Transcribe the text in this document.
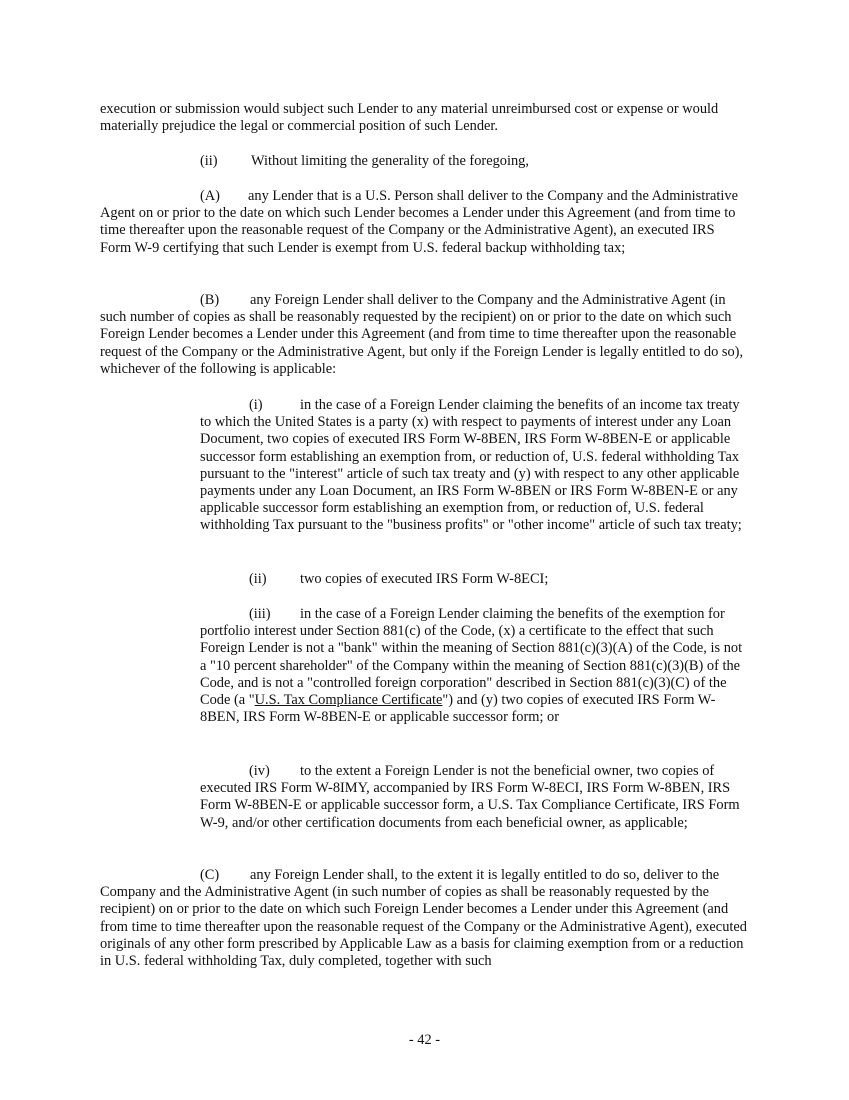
execution or submission would subject such Lender to any material unreimbursed cost or expense or would materially prejudice the legal or commercial position of such Lender.

(ii) Without limiting the generality of the foregoing,

(A) any Lender that is a U.S. Person shall deliver to the Company and the Administrative Agent on or prior to the date on which such Lender becomes a Lender under this Agreement (and from time to time thereafter upon the reasonable request of the Company or the Administrative Agent), an executed IRS Form W-9 certifying that such Lender is exempt from U.S. federal backup withholding tax;

(B) any Foreign Lender shall deliver to the Company and the Administrative Agent (in such number of copies as shall be reasonably requested by the recipient) on or prior to the date on which such Foreign Lender becomes a Lender under this Agreement (and from time to time thereafter upon the reasonable request of the Company or the Administrative Agent, but only if the Foreign Lender is legally entitled to do so), whichever of the following is applicable:

(i)	in the case of a Foreign Lender claiming the benefits of an income tax treaty to which the United States is a party (x) with respect to payments of interest under any Loan Document, two copies of executed IRS Form W-8BEN, IRS Form W-8BEN-E or applicable successor form establishing an exemption from, or reduction of, U.S. federal withholding Tax pursuant to the "interest" article of such tax treaty and (y) with respect to any other applicable payments under any Loan Document, an IRS Form W-8BEN or IRS Form W-8BEN-E or any applicable successor form establishing an exemption from, or reduction of, U.S. federal withholding Tax pursuant to the "business profits" or "other income" article of such tax treaty;

(ii) two copies of executed IRS Form W-8ECI;

(iii) in the case of a Foreign Lender claiming the benefits of the exemption for portfolio interest under Section 881(c) of the Code, (x) a certificate to the effect that such Foreign Lender is not a "bank" within the meaning of Section 881(c)(3)(A) of the Code, is not a "10 percent shareholder" of the Company within the meaning of Section 881(c)(3)(B) of the Code, and is not a "controlled foreign corporation" described in Section 881(c)(3)(C) of the Code (a "U.S. Tax Compliance Certificate") and (y) two copies of executed IRS Form W-8BEN, IRS Form W-8BEN-E or applicable successor form; or

(iv) to the extent a Foreign Lender is not the beneficial owner, two copies of executed IRS Form W-8IMY, accompanied by IRS Form W-8ECI, IRS Form W-8BEN, IRS Form W-8BEN-E or applicable successor form, a U.S. Tax Compliance Certificate, IRS Form W-9, and/or other certification documents from each beneficial owner, as applicable;

(C) any Foreign Lender shall, to the extent it is legally entitled to do so, deliver to the Company and the Administrative Agent (in such number of copies as shall be reasonably requested by the recipient) on or prior to the date on which such Foreign Lender becomes a Lender under this Agreement (and from time to time thereafter upon the reasonable request of the Company or the Administrative Agent), executed originals of any other form prescribed by Applicable Law as a basis for claiming exemption from or a reduction in U.S. federal withholding Tax, duly completed, together with such

- 42 -
